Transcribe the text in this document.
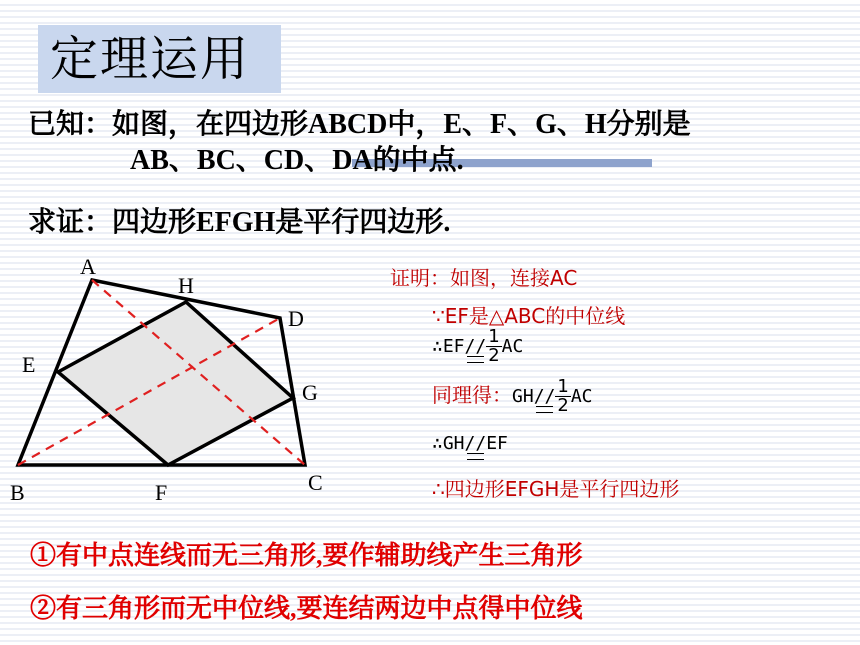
定理运用
已知：如图，在四边形ABCD中，E、F、G、H分别是
AB、BC、CD、DA的中点.
求证：四边形EFGH是平行四边形.
A
H
D
E
G
B	F	C
证明：如图，连接AC
∵EF是△ABC的中位线
∴EF// $\frac{1}{2}$ AC
同理得：$GH// \frac{1}{2}$ AC
∴GH//EF
∴四边形EFGH是平行四边形
①有中点连线而无三角形,要作辅助线产生三角形
②有三角形而无中位线,要连结两边中点得中位线
